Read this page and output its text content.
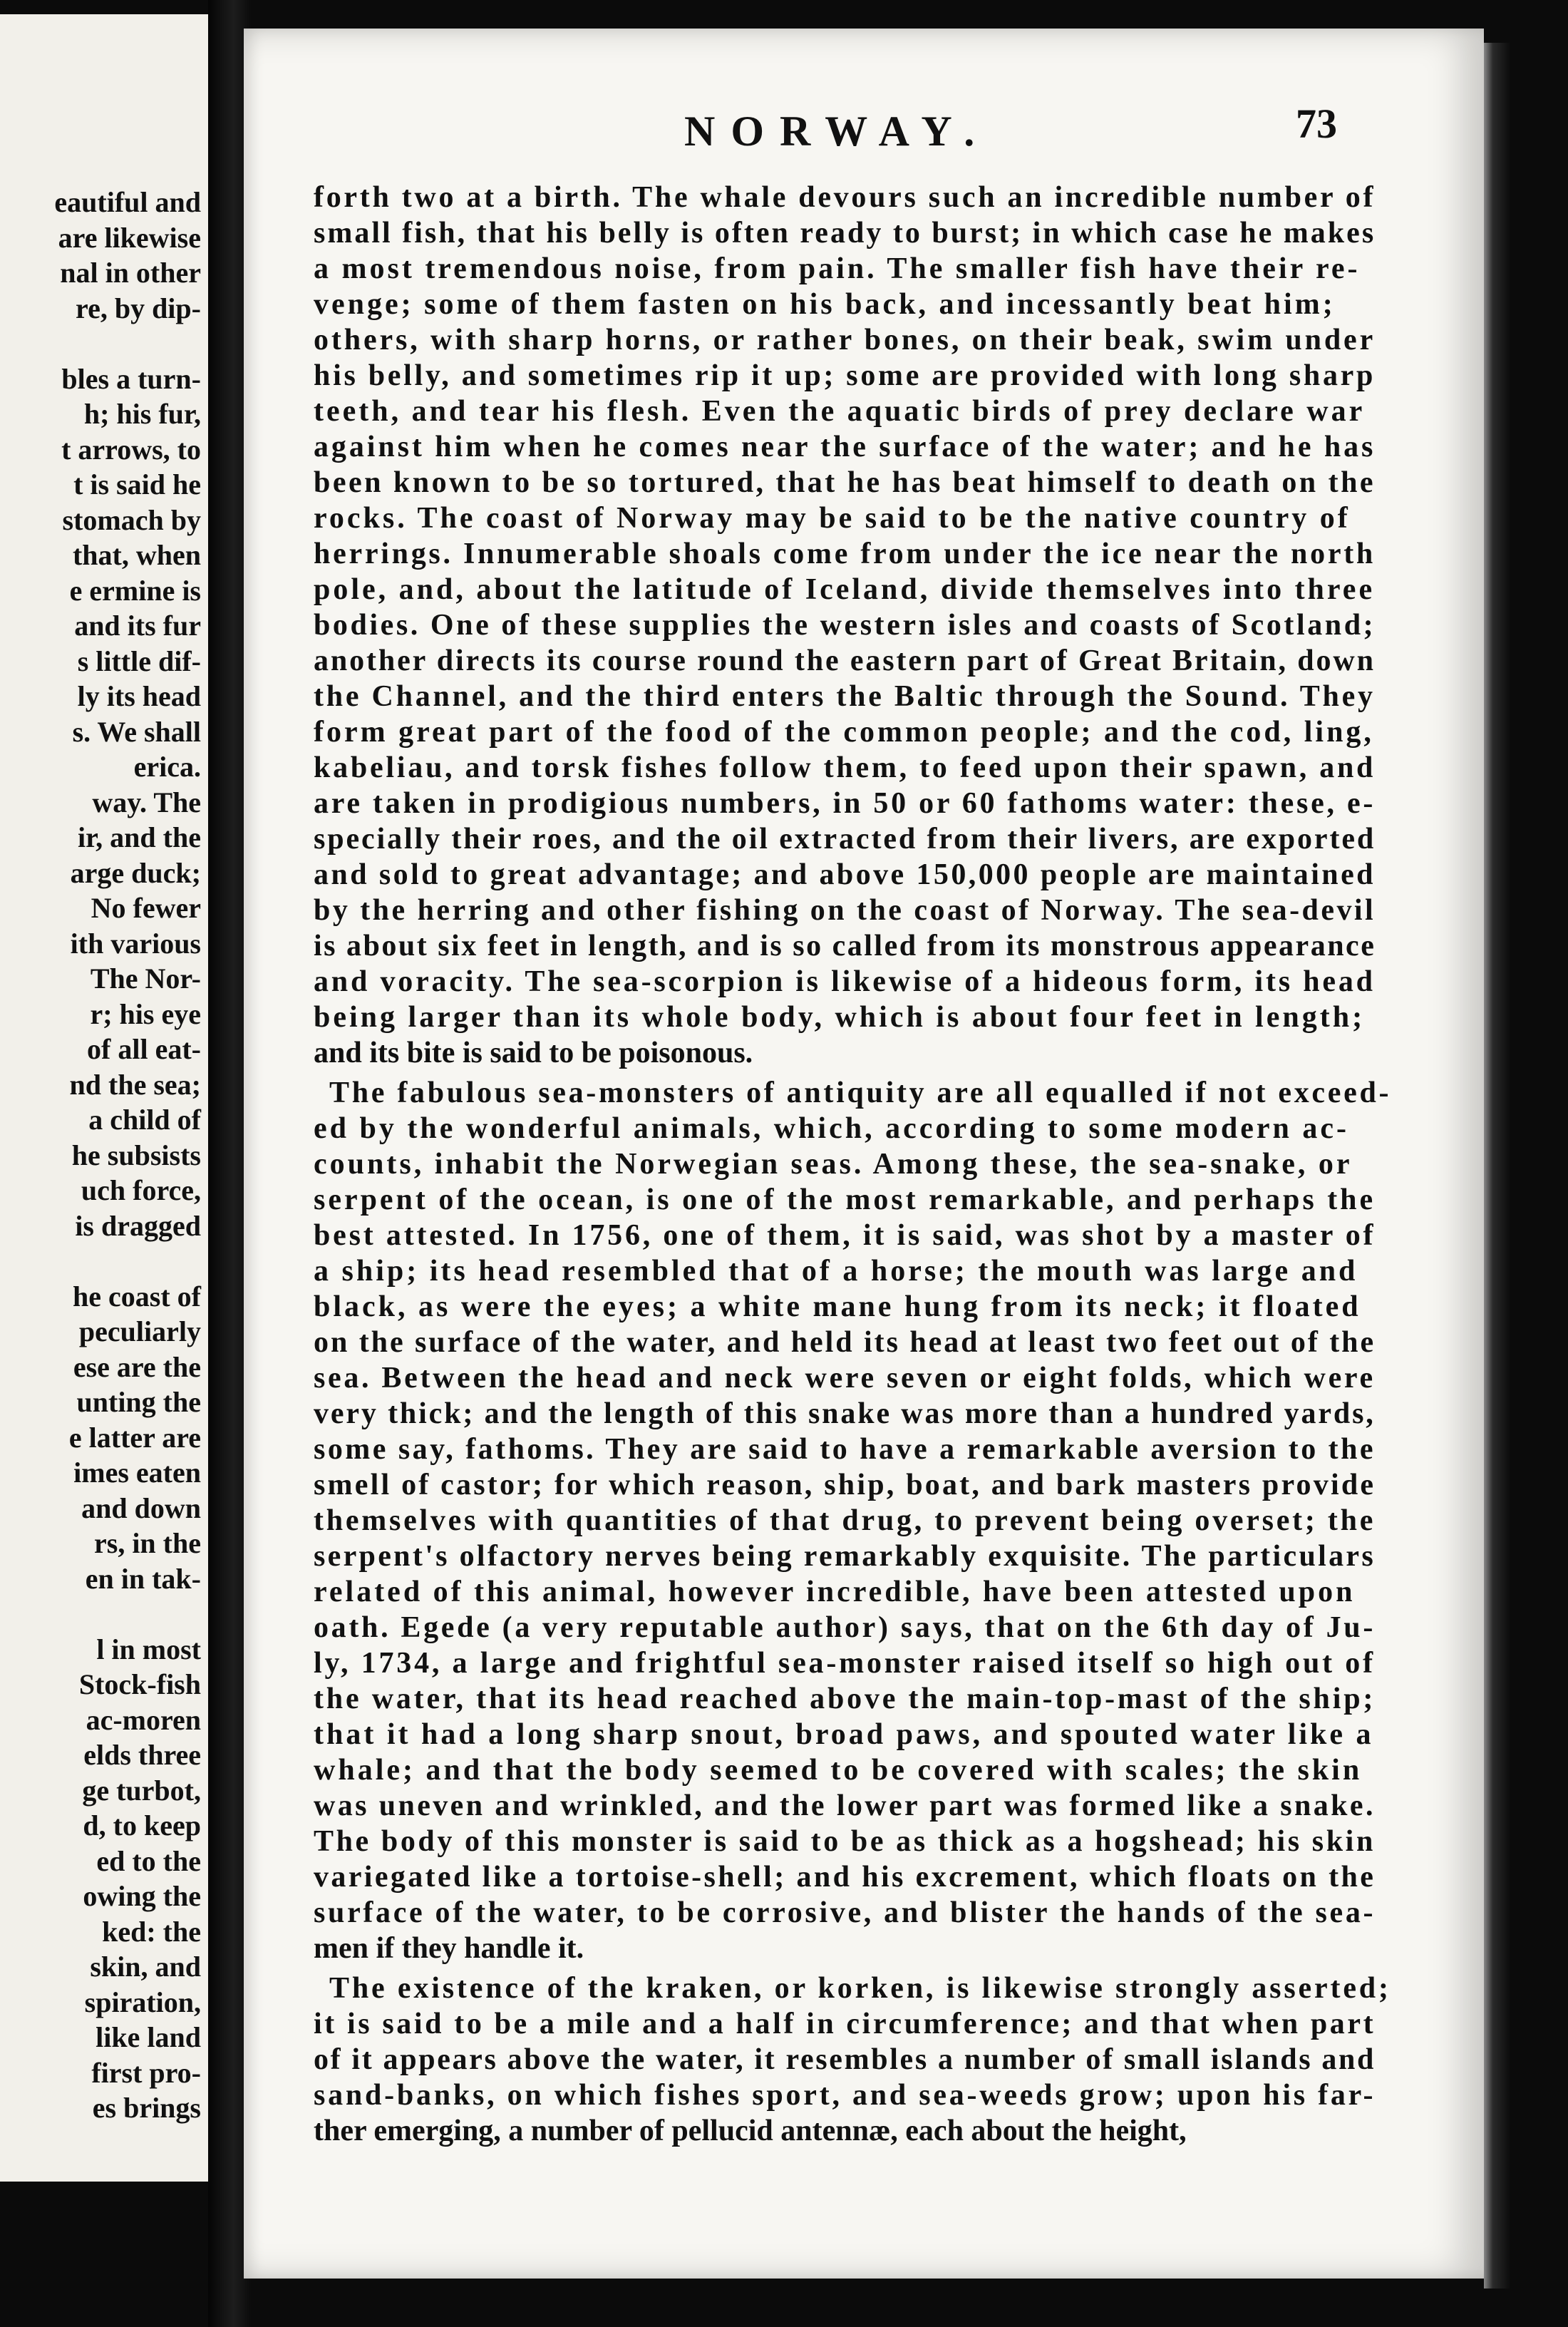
eautiful and
are likewise
nal in other
re, by dip-
bles a turn-
h; his fur,
t arrows, to
t is said he
stomach by
that, when
e ermine is
and its fur
s little dif-
ly its head
s. We shall
erica.
way. The
ir, and the
arge duck;
No fewer
ith various
The Nor-
r; his eye
of all eat-
nd the sea;
a child of
he subsists
uch force,
is dragged
he coast of
peculiarly
ese are the
unting the
e latter are
imes eaten
and down
rs, in the
en in tak-
l in most
Stock-fish
ac-moren
elds three
ge turbot,
d, to keep
ed to the
owing the
ked: the
skin, and
spiration,
like land
first pro-
es brings
NORWAY.	73
forth two at a birth. The whale devours such an incredible number of
small fish, that his belly is often ready to burst; in which case he makes
a most tremendous noise, from pain. The smaller fish have their re-
venge; some of them fasten on his back, and incessantly beat him;
others, with sharp horns, or rather bones, on their beak, swim under
his belly, and sometimes rip it up; some are provided with long sharp
teeth, and tear his flesh. Even the aquatic birds of prey declare war
against him when he comes near the surface of the water; and he has
been known to be so tortured, that he has beat himself to death on the
rocks. The coast of Norway may be said to be the native country of
herrings. Innumerable shoals come from under the ice near the north
pole, and, about the latitude of Iceland, divide themselves into three
bodies. One of these supplies the western isles and coasts of Scotland;
another directs its course round the eastern part of Great Britain, down
the Channel, and the third enters the Baltic through the Sound. They
form great part of the food of the common people; and the cod, ling,
kabeliau, and torsk fishes follow them, to feed upon their spawn, and
are taken in prodigious numbers, in 50 or 60 fathoms water: these, e-
specially their roes, and the oil extracted from their livers, are exported
and sold to great advantage; and above 150,000 people are maintained
by the herring and other fishing on the coast of Norway. The sea-devil
is about six feet in length, and is so called from its monstrous appearance
and voracity. The sea-scorpion is likewise of a hideous form, its head
being larger than its whole body, which is about four feet in length;
and its bite is said to be poisonous.
The fabulous sea-monsters of antiquity are all equalled if not exceed-
ed by the wonderful animals, which, according to some modern ac-
counts, inhabit the Norwegian seas. Among these, the sea-snake, or
serpent of the ocean, is one of the most remarkable, and perhaps the
best attested. In 1756, one of them, it is said, was shot by a master of
a ship; its head resembled that of a horse; the mouth was large and
black, as were the eyes; a white mane hung from its neck; it floated
on the surface of the water, and held its head at least two feet out of the
sea. Between the head and neck were seven or eight folds, which were
very thick; and the length of this snake was more than a hundred yards,
some say, fathoms. They are said to have a remarkable aversion to the
smell of castor; for which reason, ship, boat, and bark masters provide
themselves with quantities of that drug, to prevent being overset; the
serpent's olfactory nerves being remarkably exquisite. The particulars
related of this animal, however incredible, have been attested upon
oath. Egede (a very reputable author) says, that on the 6th day of Ju-
ly, 1734, a large and frightful sea-monster raised itself so high out of
the water, that its head reached above the main-top-mast of the ship;
that it had a long sharp snout, broad paws, and spouted water like a
whale; and that the body seemed to be covered with scales; the skin
was uneven and wrinkled, and the lower part was formed like a snake.
The body of this monster is said to be as thick as a hogshead; his skin
variegated like a tortoise-shell; and his excrement, which floats on the
surface of the water, to be corrosive, and blister the hands of the sea-
men if they handle it.
The existence of the kraken, or korken, is likewise strongly asserted;
it is said to be a mile and a half in circumference; and that when part
of it appears above the water, it resembles a number of small islands and
sand-banks, on which fishes sport, and sea-weeds grow; upon his far-
ther emerging, a number of pellucid antennæ, each about the height,
